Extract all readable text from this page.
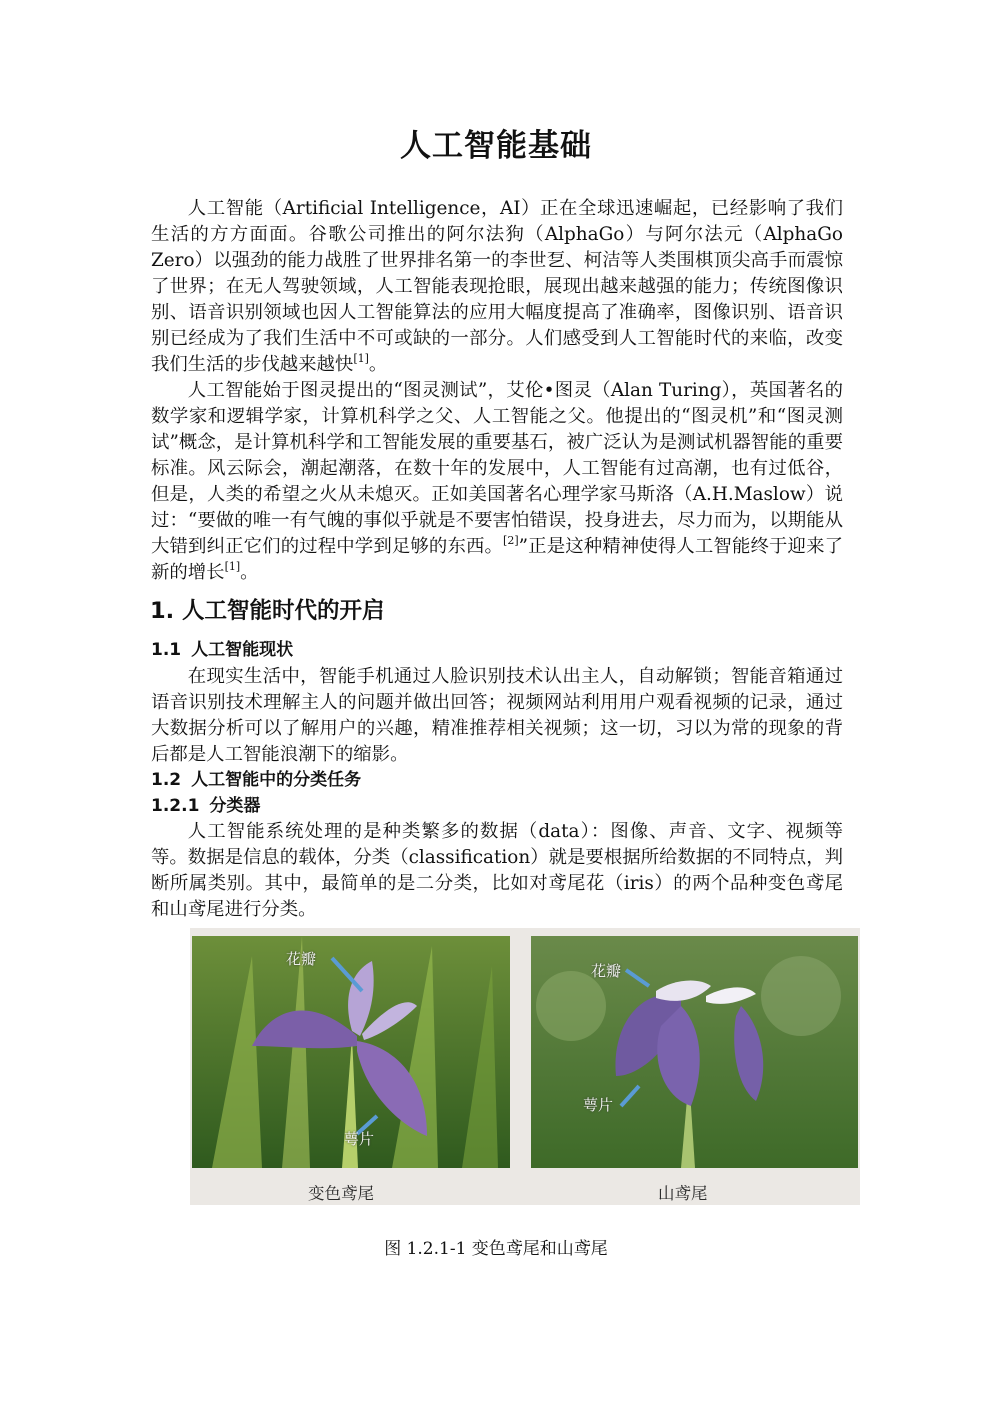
人工智能基础

人工智能（Artificial Intelligence，AI）正在全球迅速崛起，已经影响了我们生活的方方面面。谷歌公司推出的阿尔法狗（AlphaGo）与阿尔法元（AlphaGo Zero）以强劲的能力战胜了世界排名第一的李世乭、柯洁等人类围棋顶尖高手而震惊了世界；在无人驾驶领域，人工智能表现抢眼，展现出越来越强的能力；传统图像识别、语音识别领域也因人工智能算法的应用大幅度提高了准确率，图像识别、语音识别已经成为了我们生活中不可或缺的一部分。人们感受到人工智能时代的来临，改变我们生活的步伐越来越快[1]。

人工智能始于图灵提出的“图灵测试”，艾伦•图灵（Alan Turing），英国著名的数学家和逻辑学家，计算机科学之父、人工智能之父。他提出的“图灵机”和“图灵测试”概念，是计算机科学和工智能发展的重要基石，被广泛认为是测试机器智能的重要标准。风云际会，潮起潮落，在数十年的发展中，人工智能有过高潮，也有过低谷，但是，人类的希望之火从未熄灭。正如美国著名心理学家马斯洛（A.H.Maslow）说过：“要做的唯一有气魄的事似乎就是不要害怕错误，投身进去，尽力而为，以期能从大错到纠正它们的过程中学到足够的东西。[2]”正是这种精神使得人工智能终于迎来了新的增长[1]。

1. 人工智能时代的开启
1.1 人工智能现状

在现实生活中，智能手机通过人脸识别技术认出主人，自动解锁；智能音箱通过语音识别技术理解主人的问题并做出回答；视频网站利用用户观看视频的记录，通过大数据分析可以了解用户的兴趣，精准推荐相关视频；这一切，习以为常的现象的背后都是人工智能浪潮下的缩影。

1.2 人工智能中的分类任务
1.2.1 分类器

人工智能系统处理的是种类繁多的数据（data）：图像、声音、文字、视频等等。数据是信息的载体，分类（classification）就是要根据所给数据的不同特点，判断所属类别。其中，最简单的是二分类，比如对鸢尾花（iris）的两个品种变色鸢尾和山鸢尾进行分类。

花瓣
萼片
花瓣
萼片
变色鸢尾	山鸢尾
图 1.2.1-1 变色鸢尾和山鸢尾
